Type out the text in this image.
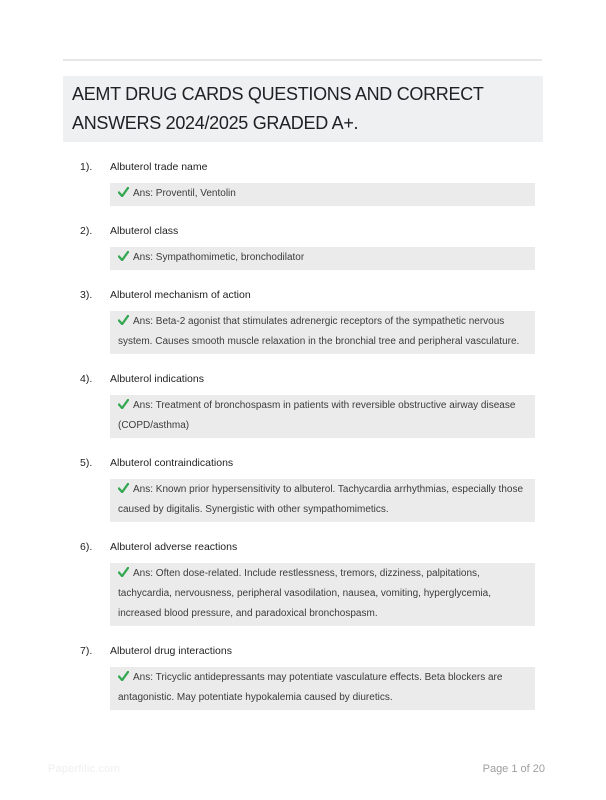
AEMT DRUG CARDS QUESTIONS AND CORRECT
ANSWERS 2024/2025 GRADED A+.
1). Albuterol trade name
Ans: Proventil, Ventolin
2). Albuterol class
Ans: Sympathomimetic, bronchodilator
3). Albuterol mechanism of action
Ans: Beta-2 agonist that stimulates adrenergic receptors of the sympathetic nervous system. Causes smooth muscle relaxation in the bronchial tree and peripheral vasculature.
4). Albuterol indications
Ans: Treatment of bronchospasm in patients with reversible obstructive airway disease (COPD/asthma)
5). Albuterol contraindications
Ans: Known prior hypersensitivity to albuterol. Tachycardia arrhythmias, especially those caused by digitalis. Synergistic with other sympathomimetics.
6). Albuterol adverse reactions
Ans: Often dose-related. Include restlessness, tremors, dizziness, palpitations, tachycardia, nervousness, peripheral vasodilation, nausea, vomiting, hyperglycemia, increased blood pressure, and paradoxical bronchospasm.
7). Albuterol drug interactions
Ans: Tricyclic antidepressants may potentiate vasculature effects. Beta blockers are antagonistic. May potentiate hypokalemia caused by diuretics.
Paperfilic.com	Page 1 of 20
